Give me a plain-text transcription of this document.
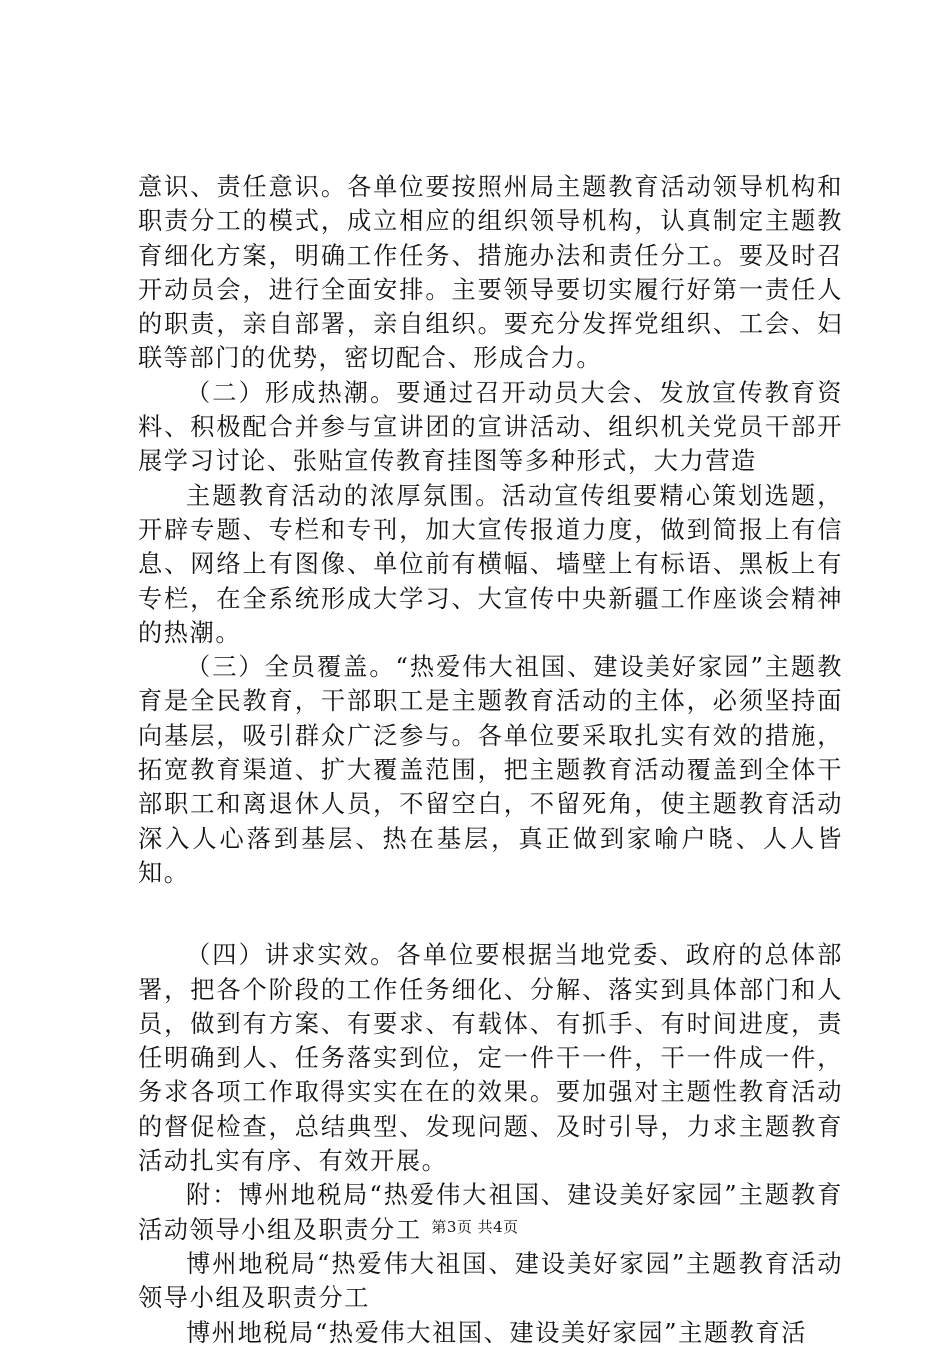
意识、责任意识。各单位要按照州局主题教育活动领导机构和职责分工的模式，成立相应的组织领导机构，认真制定主题教育细化方案，明确工作任务、措施办法和责任分工。要及时召开动员会，进行全面安排。主要领导要切实履行好第一责任人的职责，亲自部署，亲自组织。要充分发挥党组织、工会、妇联等部门的优势，密切配合、形成合力。

（二）形成热潮。要通过召开动员大会、发放宣传教育资料、积极配合并参与宣讲团的宣讲活动、组织机关党员干部开展学习讨论、张贴宣传教育挂图等多种形式，大力营造

主题教育活动的浓厚氛围。活动宣传组要精心策划选题，开辟专题、专栏和专刊，加大宣传报道力度，做到简报上有信息、网络上有图像、单位前有横幅、墙壁上有标语、黑板上有专栏，在全系统形成大学习、大宣传中央新疆工作座谈会精神的热潮。

（三）全员覆盖。“热爱伟大祖国、建设美好家园”主题教育是全民教育，干部职工是主题教育活动的主体，必须坚持面向基层，吸引群众广泛参与。各单位要采取扎实有效的措施，拓宽教育渠道、扩大覆盖范围，把主题教育活动覆盖到全体干部职工和离退休人员，不留空白，不留死角，使主题教育活动深入人心落到基层、热在基层，真正做到家喻户晓、人人皆知。

（四）讲求实效。各单位要根据当地党委、政府的总体部署，把各个阶段的工作任务细化、分解、落实到具体部门和人员，做到有方案、有要求、有载体、有抓手、有时间进度，责任明确到人、任务落实到位，定一件干一件，干一件成一件，务求各项工作取得实实在在的效果。要加强对主题性教育活动的督促检查，总结典型、发现问题、及时引导，力求主题教育活动扎实有序、有效开展。

附：博州地税局“热爱伟大祖国、建设美好家园”主题教育活动领导小组及职责分工

博州地税局“热爱伟大祖国、建设美好家园”主题教育活动领导小组及职责分工

博州地税局“热爱伟大祖国、建设美好家园”主题教育活

第3页 共4页
